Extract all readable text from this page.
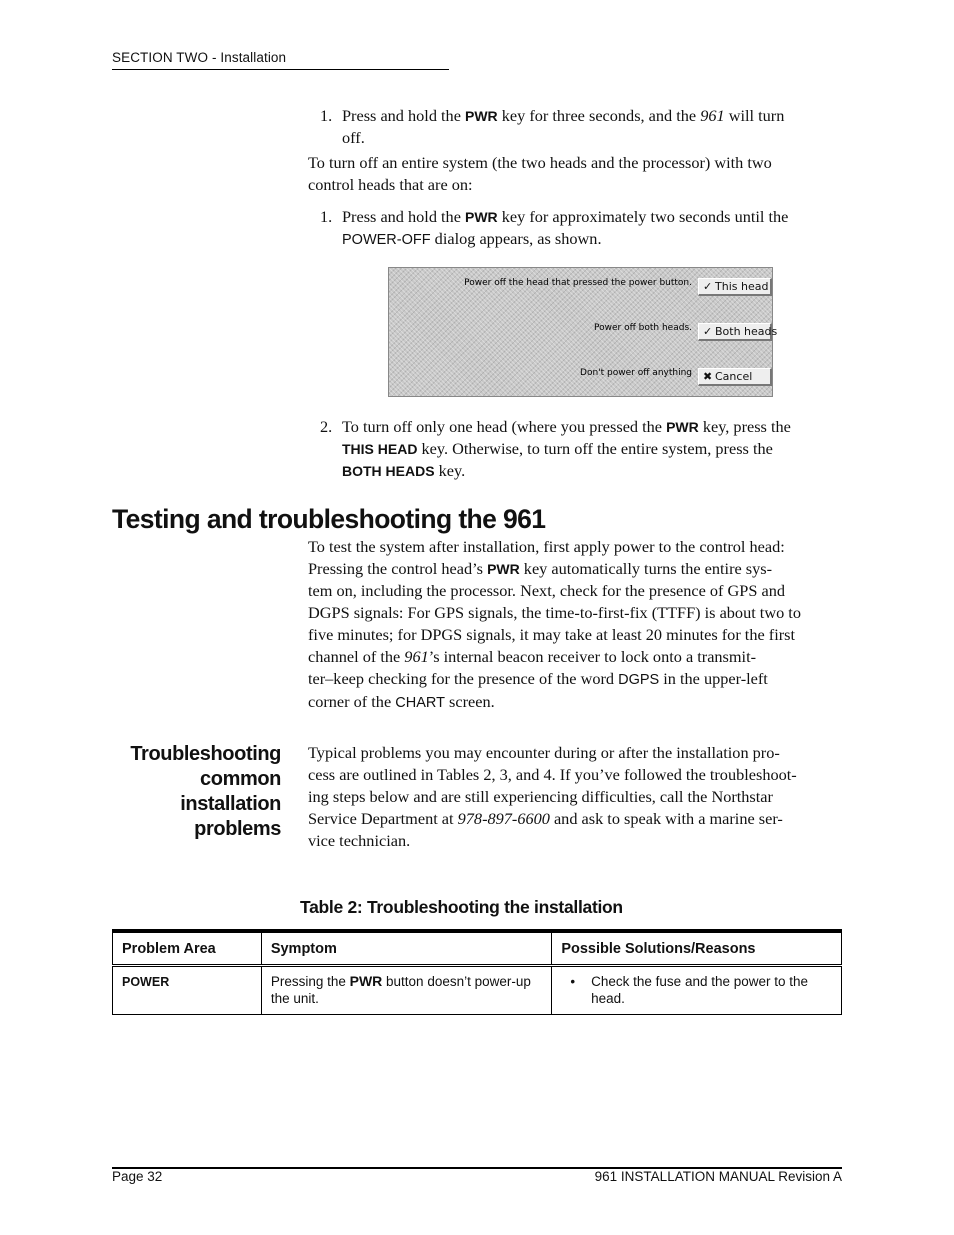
SECTION TWO - Installation
1. Press and hold the PWR key for three seconds, and the 961 will turn
off.
To turn off an entire system (the two heads and the processor) with two
control heads that are on:
1. Press and hold the PWR key for approximately two seconds until the
POWER-OFF dialog appears, as shown.
Power off the head that pressed the power button.	✓ This head
Power off both heads.	✓ Both heads
Don't power off anything	✖ Cancel
2. To turn off only one head (where you pressed the PWR key, press the
THIS HEAD key. Otherwise, to turn off the entire system, press the
BOTH HEADS key.
Testing and troubleshooting the 961
To test the system after installation, first apply power to the control head:
Pressing the control head’s PWR key automatically turns the entire sys-
tem on, including the processor. Next, check for the presence of GPS and
DGPS signals: For GPS signals, the time-to-first-fix (TTFF) is about two to
five minutes; for DPGS signals, it may take at least 20 minutes for the first
channel of the 961’s internal beacon receiver to lock onto a transmit-
ter–keep checking for the presence of the word DGPS in the upper-left
corner of the CHART screen.
Troubleshooting
common
installation
problems
Typical problems you may encounter during or after the installation pro-
cess are outlined in Tables 2, 3, and 4. If you’ve followed the troubleshoot-
ing steps below and are still experiencing difficulties, call the Northstar
Service Department at 978-897-6600 and ask to speak with a marine ser-
vice technician.
Table 2: Troubleshooting the installation
Problem Area	Symptom	Possible Solutions/Reasons
POWER	Pressing the PWR button doesn’t power-up the unit.	• Check the fuse and the power to the head.
Page 32	961 INSTALLATION MANUAL Revision A
